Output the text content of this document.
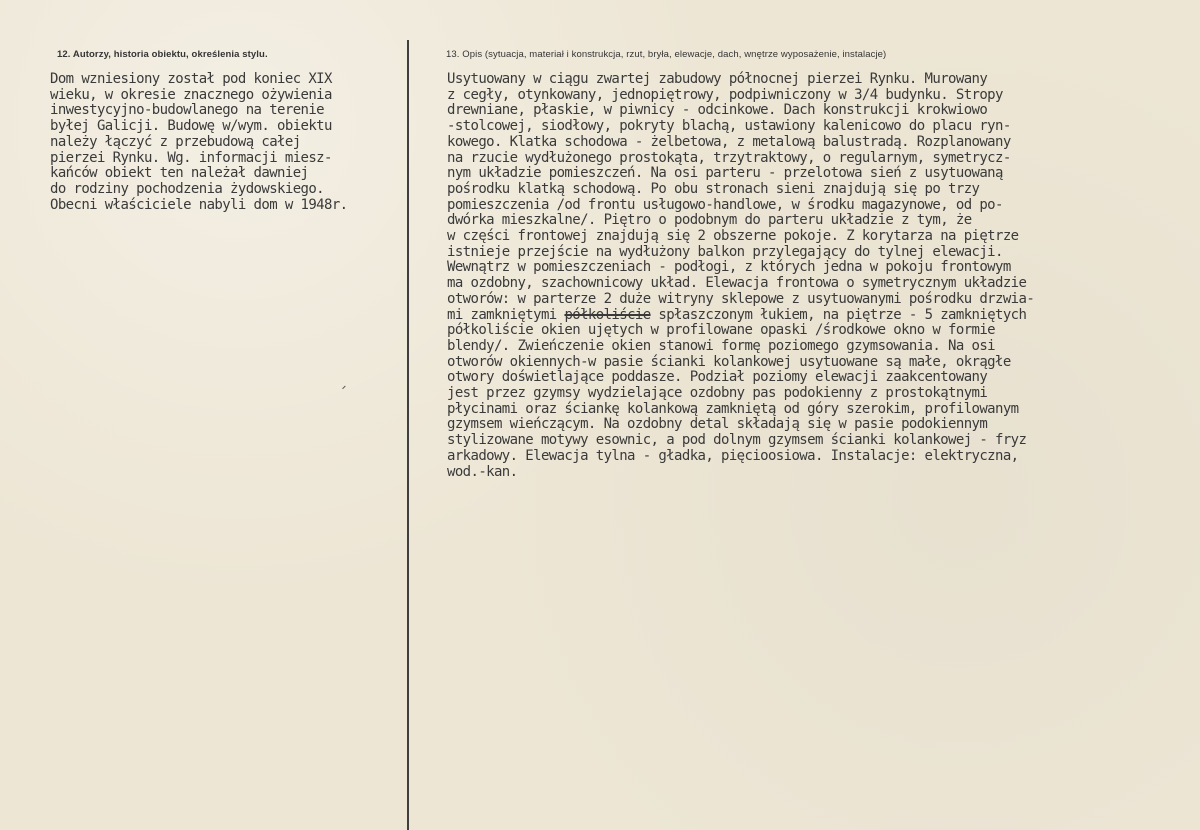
12. Autorzy, historia obiektu, określenia stylu.	13. Opis (sytuacja, materiał i konstrukcja, rzut, bryła, elewacje, dach, wnętrze wyposażenie, instalacje)
Dom wzniesiony został pod koniec XIX
wieku, w okresie znacznego ożywienia
inwestycyjno-budowlanego na terenie
byłej Galicji. Budowę w/wym. obiektu
należy łączyć z przebudową całej
pierzei Rynku. Wg. informacji miesz-
kańców obiekt ten należał dawniej
do rodziny pochodzenia żydowskiego.
Obecni właściciele nabyli dom w 1948r.
Usytuowany w ciągu zwartej zabudowy północnej pierzei Rynku. Murowany
z cegły, otynkowany, jednopiętrowy, podpiwniczony w 3/4 budynku. Stropy
drewniane, płaskie, w piwnicy - odcinkowe. Dach konstrukcji krokwiowo
-stolcowej, siodłowy, pokryty blachą, ustawiony kalenicowo do placu ryn-
kowego. Klatka schodowa - żelbetowa, z metalową balustradą. Rozplanowany
na rzucie wydłużonego prostokąta, trzytraktowy, o regularnym, symetrycz-
nym układzie pomieszczeń. Na osi parteru - przelotowa sień z usytuowaną
pośrodku klatką schodową. Po obu stronach sieni znajdują się po trzy
pomieszczenia /od frontu usługowo-handlowe, w środku magazynowe, od po-
dwórka mieszkalne/. Piętro o podobnym do parteru układzie z tym, że
w części frontowej znajdują się 2 obszerne pokoje. Z korytarza na piętrze
istnieje przejście na wydłużony balkon przylegający do tylnej elewacji.
Wewnątrz w pomieszczeniach - podłogi, z których jedna w pokoju frontowym
ma ozdobny, szachownicowy układ. Elewacja frontowa o symetrycznym układzie
otworów: w parterze 2 duże witryny sklepowe z usytuowanymi pośrodku drzwia-
mi zamkniętymi półkoliście spłaszczonym łukiem, na piętrze - 5 zamkniętych
półkoliście okien ujętych w profilowane opaski /środkowe okno w formie
blendy/. Zwieńczenie okien stanowi formę poziomego gzymsowania. Na osi
otworów okiennych-w pasie ścianki kolankowej usytuowane są małe, okrągłe
otwory doświetlające poddasze. Podział poziomy elewacji zaakcentowany
jest przez gzymsy wydzielające ozdobny pas podokienny z prostokątnymi
płycinami oraz ściankę kolankową zamkniętą od góry szerokim, profilowanym
gzymsem wieńczącym. Na ozdobny detal składają się w pasie podokiennym
stylizowane motywy esownic, a pod dolnym gzymsem ścianki kolankowej - fryz
arkadowy. Elewacja tylna - gładka, pięcioosiowa. Instalacje: elektryczna,
wod.-kan.
